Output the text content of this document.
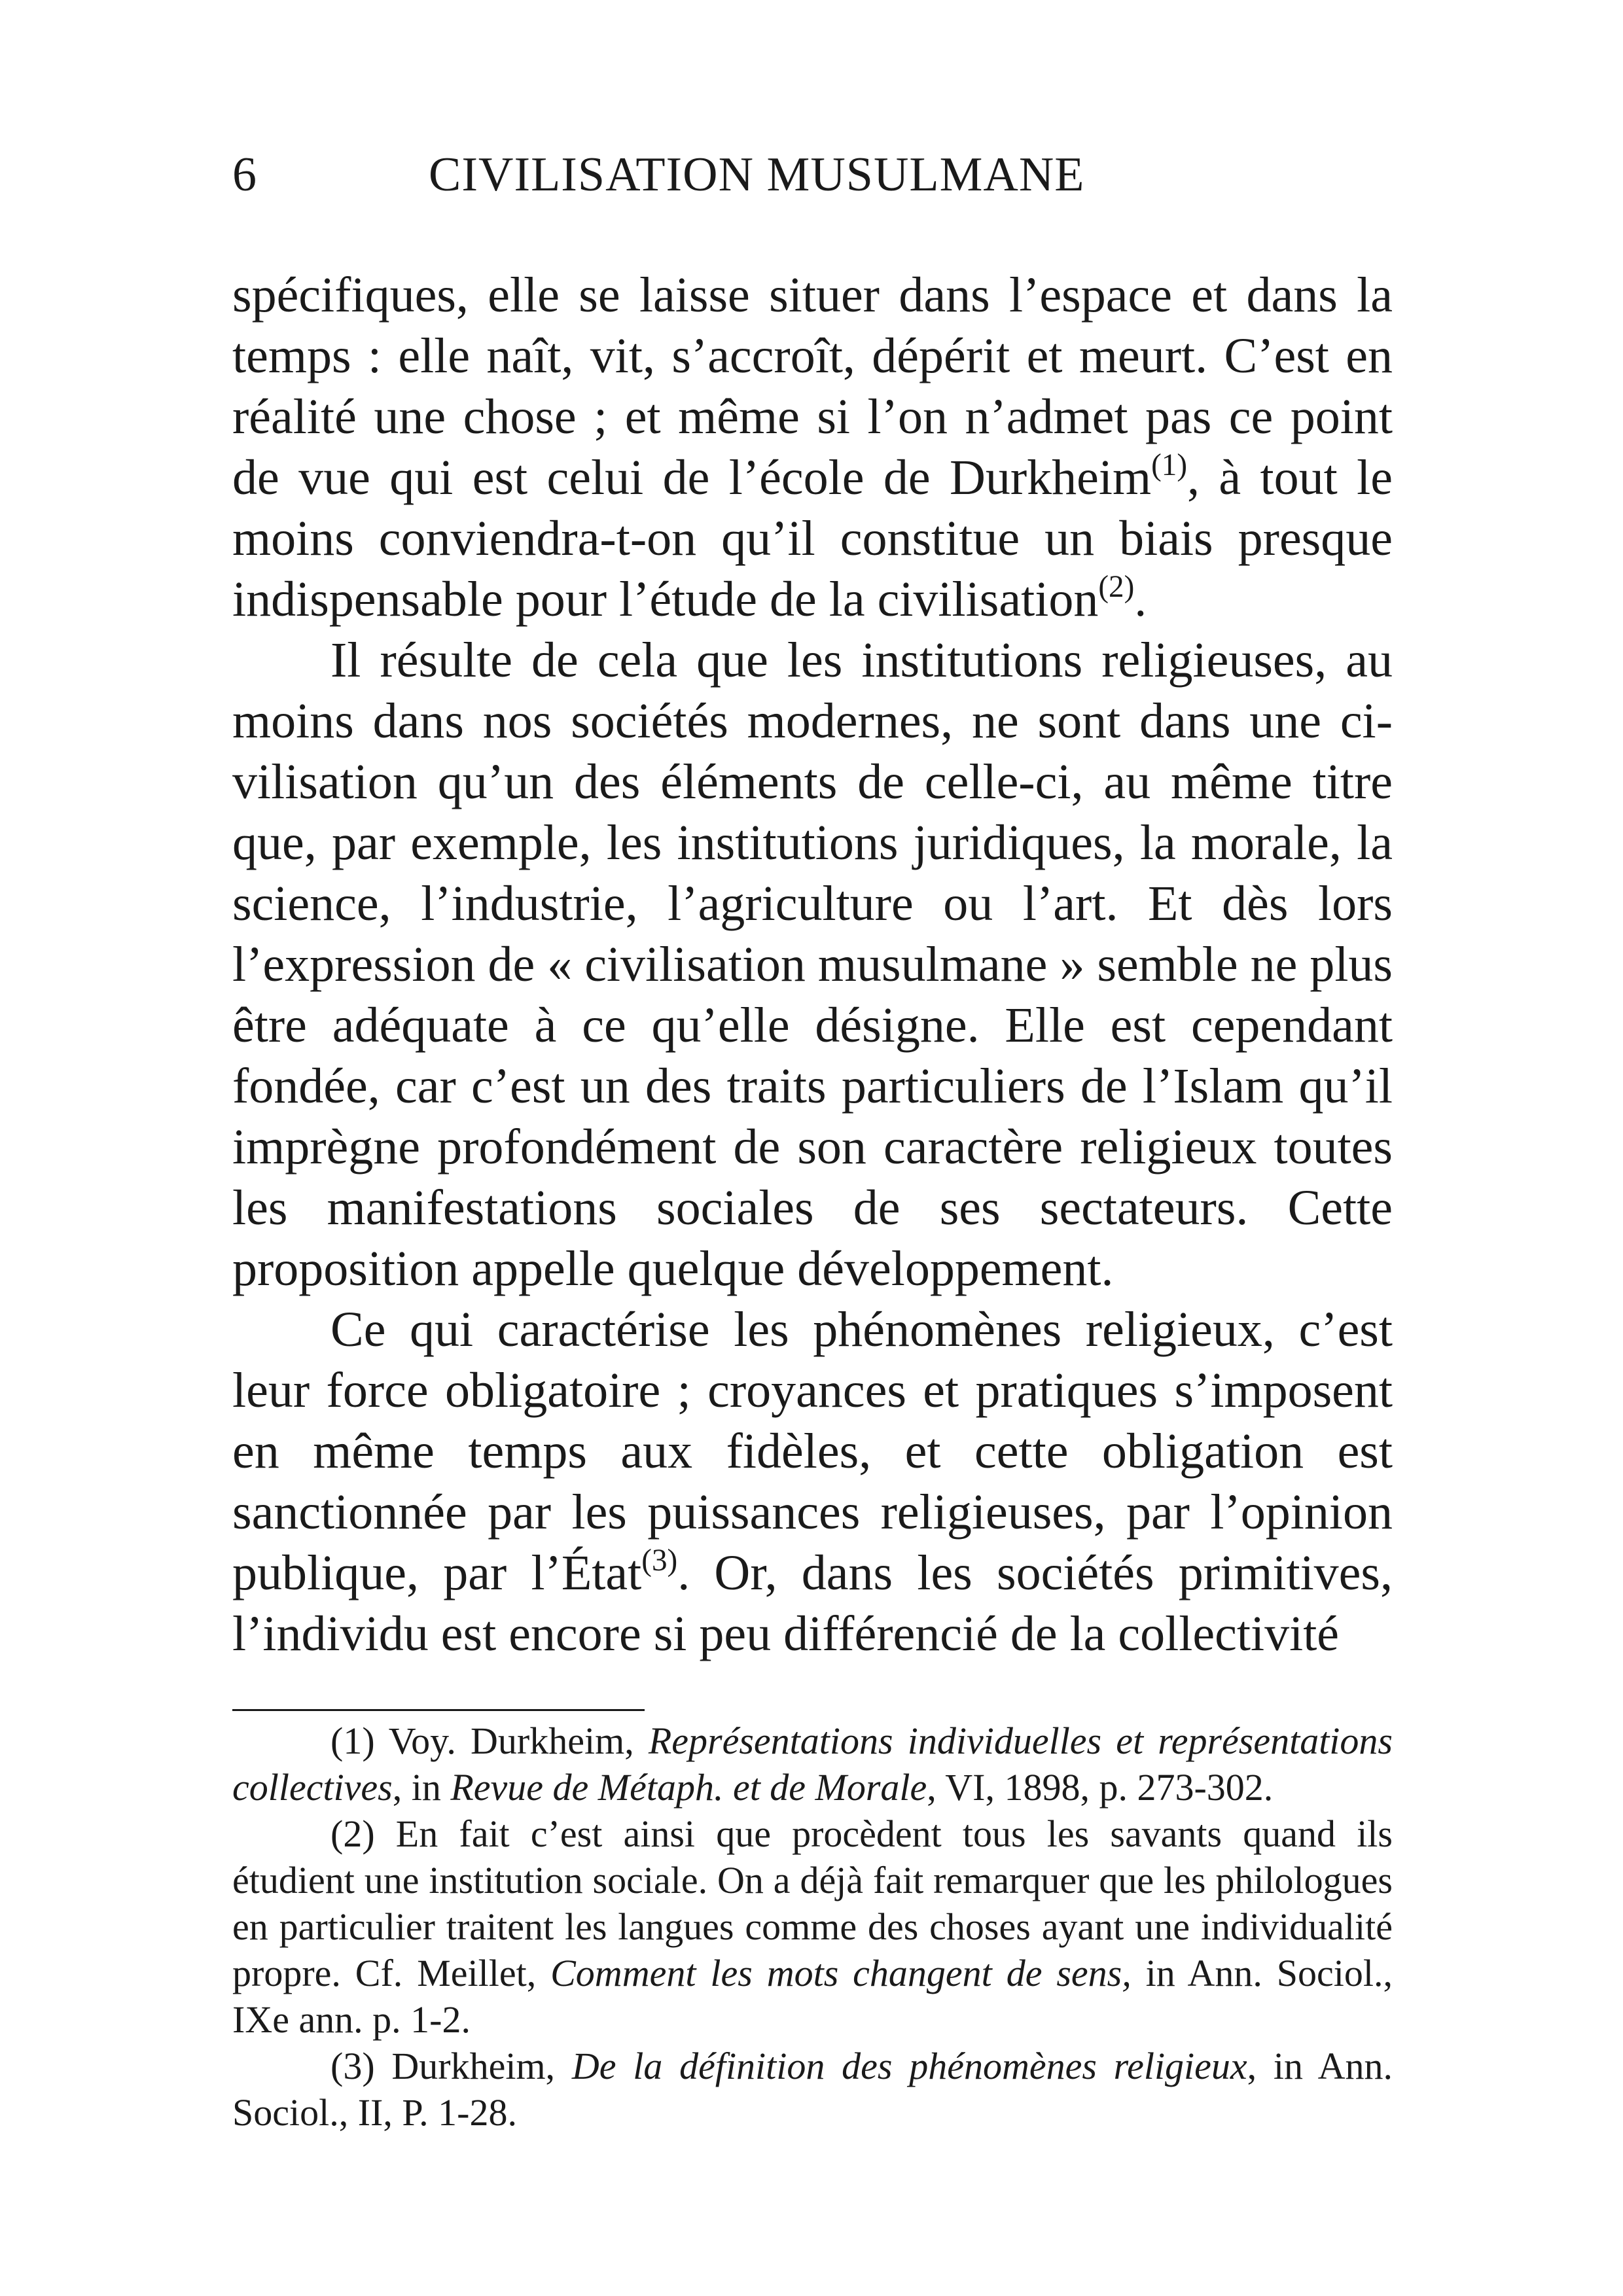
6	CIVILISATION MUSULMANE

spécifiques, elle se laisse situer dans l’espace et dans la temps : elle naît, vit, s’accroît, dépérit et meurt. C’est en réalité une chose ; et même si l’on n’admet pas ce point de vue qui est celui de l’école de Durkheim$^{(1)}$, à tout le moins conviendra-t-on qu’il constitue un biais presque indispensable pour l’étude de la civilisation$^{(2)}$.

Il résulte de cela que les institutions religieuses, au moins dans nos sociétés modernes, ne sont dans une civilisation qu’un des éléments de celle-ci, au même titre que, par exemple, les institutions juridiques, la morale, la science, l’industrie, l’agriculture ou l’art. Et dès lors l’expression de « civilisation musulmane » semble ne plus être adéquate à ce qu’elle désigne. Elle est cependant fondée, car c’est un des traits particuliers de l’Islam qu’il imprègne profondément de son caractère religieux toutes les manifestations sociales de ses sectateurs. Cette proposition appelle quelque développement.

Ce qui caractérise les phénomènes religieux, c’est leur force obligatoire ; croyances et pratiques s’imposent en même temps aux fidèles, et cette obligation est sanctionnée par les puissances religieuses, par l’opinion publique, par l’État$^{(3)}$. Or, dans les sociétés primitives, l’individu est encore si peu différencié de la collectivité

(1) Voy. Durkheim, Représentations individuelles et représentations collectives, in Revue de Métaph. et de Morale, VI, 1898, p. 273-302.

(2) En fait c’est ainsi que procèdent tous les savants quand ils étudient une institution sociale. On a déjà fait remarquer que les philologues en particulier traitent les langues comme des choses ayant une individualité propre. Cf. Meillet, Comment les mots changent de sens, in Ann. Sociol., IXe ann. p. 1-2.

(3) Durkheim, De la définition des phénomènes religieux, in Ann. Sociol., II, P. 1-28.
